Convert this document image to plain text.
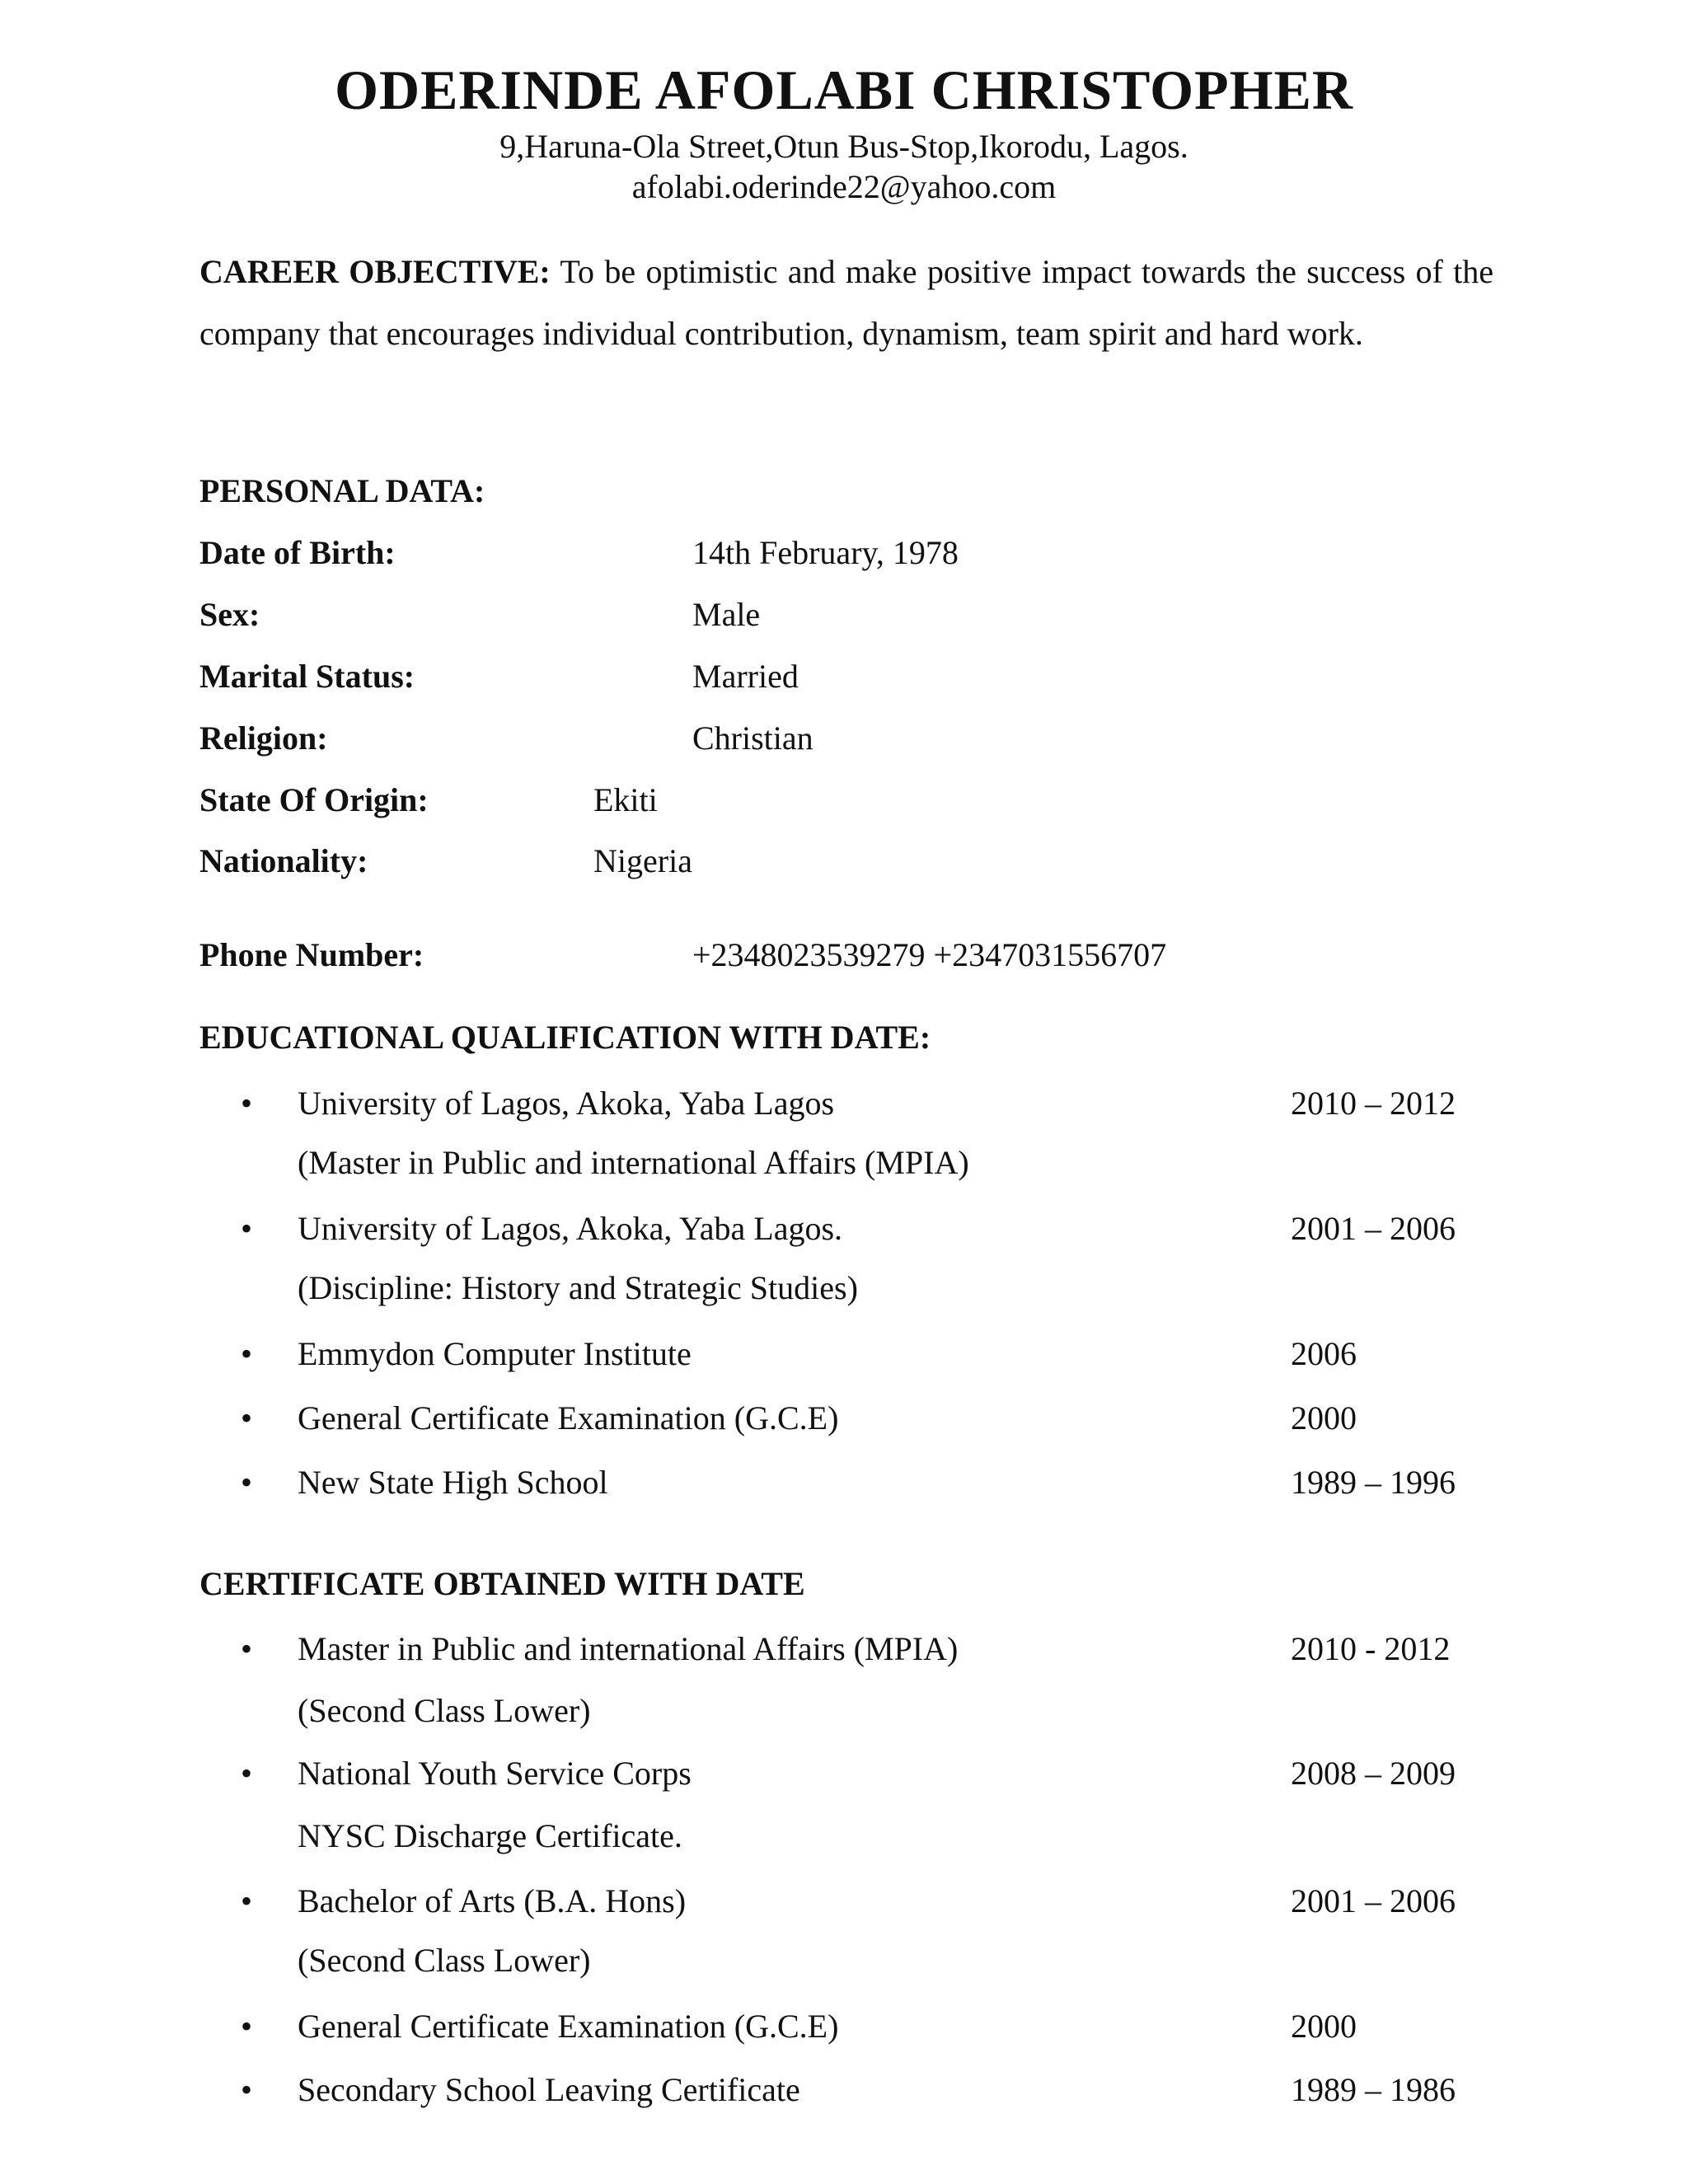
ODERINDE AFOLABI CHRISTOPHER
9,Haruna-Ola Street,Otun Bus-Stop,Ikorodu, Lagos.
afolabi.oderinde22@yahoo.com
CAREER OBJECTIVE: To be optimistic and make positive impact towards the success of the company that encourages individual contribution, dynamism, team spirit and hard work.
PERSONAL DATA:
Date of Birth:	14th February, 1978
Sex:	Male
Marital Status:	Married
Religion:	Christian
State Of Origin:	Ekiti
Nationality:	Nigeria
Phone Number:	+2348023539279 +2347031556707
EDUCATIONAL QUALIFICATION WITH DATE:
• University of Lagos, Akoka, Yaba Lagos	2010 – 2012
(Master in Public and international Affairs (MPIA)
• University of Lagos, Akoka, Yaba Lagos.	2001 – 2006
(Discipline: History and Strategic Studies)
• Emmydon Computer Institute	2006
• General Certificate Examination (G.C.E)	2000
• New State High School	1989 – 1996
CERTIFICATE OBTAINED WITH DATE
• Master in Public and international Affairs (MPIA)	2010 - 2012
(Second Class Lower)
• National Youth Service Corps	2008 – 2009
NYSC Discharge Certificate.
• Bachelor of Arts (B.A. Hons)	2001 – 2006
(Second Class Lower)
• General Certificate Examination (G.C.E)	2000
• Secondary School Leaving Certificate	1989 – 1986
